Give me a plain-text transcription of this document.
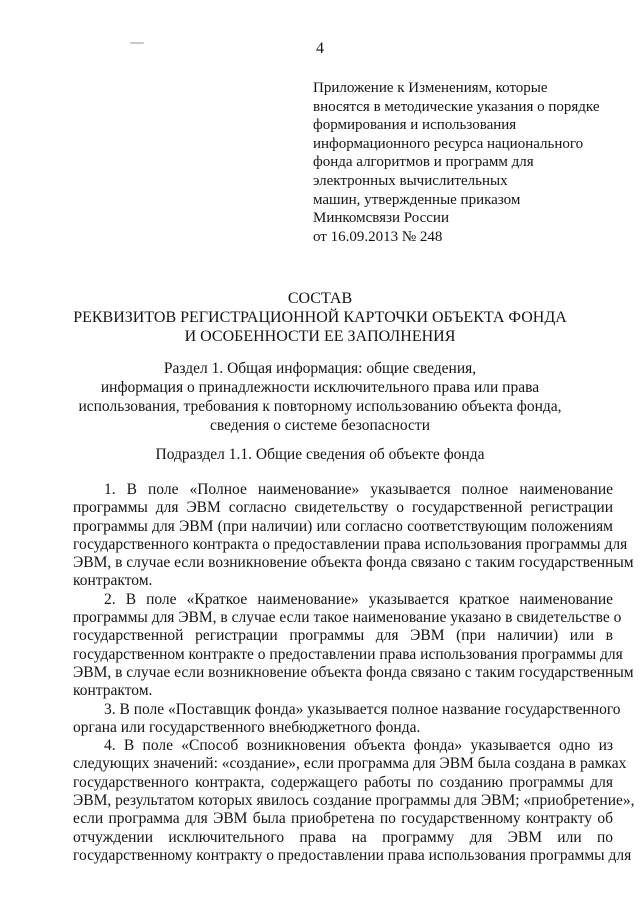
4
Приложение к Изменениям, которые
вносятся в методические указания о порядке
формирования и использования
информационного ресурса национального
фонда алгоритмов и программ для
электронных вычислительных
машин, утвержденные приказом
Минкомсвязи России
от 16.09.2013 № 248
СОСТАВ
РЕКВИЗИТОВ РЕГИСТРАЦИОННОЙ КАРТОЧКИ ОБЪЕКТА ФОНДА
И ОСОБЕННОСТИ ЕЕ ЗАПОЛНЕНИЯ
Раздел 1. Общая информация: общие сведения,
информация о принадлежности исключительного права или права
использования, требования к повторному использованию объекта фонда,
сведения о системе безопасности
Подраздел 1.1. Общие сведения об объекте фонда
1. В поле «Полное наименование» указывается полное наименование
программы для ЭВМ согласно свидетельству о государственной регистрации
программы для ЭВМ (при наличии) или согласно соответствующим положениям
государственного контракта о предоставлении права использования программы для
ЭВМ, в случае если возникновение объекта фонда связано с таким государственным
контрактом.
2. В поле «Краткое наименование» указывается краткое наименование
программы для ЭВМ, в случае если такое наименование указано в свидетельстве о
государственной регистрации программы для ЭВМ (при наличии) или в
государственном контракте о предоставлении права использования программы для
ЭВМ, в случае если возникновение объекта фонда связано с таким государственным
контрактом.
3. В поле «Поставщик фонда» указывается полное название государственного
органа или государственного внебюджетного фонда.
4. В поле «Способ возникновения объекта фонда» указывается одно из
следующих значений: «создание», если программа для ЭВМ была создана в рамках
государственного контракта, содержащего работы по созданию программы для
ЭВМ, результатом которых явилось создание программы для ЭВМ; «приобретение»,
если программа для ЭВМ была приобретена по государственному контракту об
отчуждении исключительного права на программу для ЭВМ или по
государственному контракту о предоставлении права использования программы для
